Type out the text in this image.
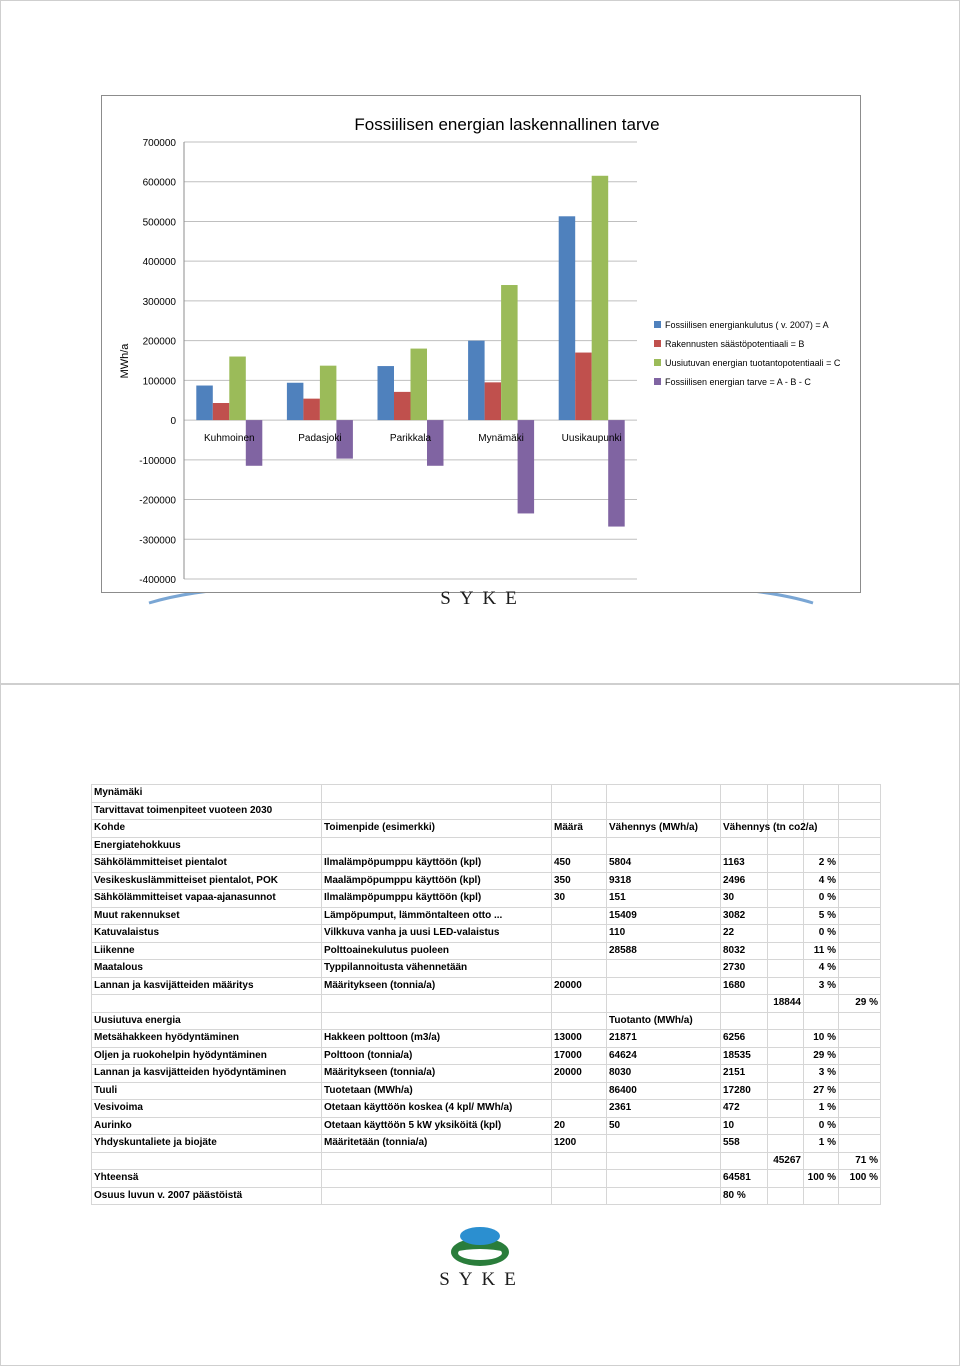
Fossiilisen energian laskennallinen tarve
MWh/a
700000
600000
500000
400000
300000
200000
100000
0
-100000
-200000
-300000
-400000
Kuhmoinen	Padasjoki	Parikkala	Mynämäki	Uusikaupunki
Fossiilisen energiankulutus ( v. 2007) = A
Rakennusten säästöpotentiaali = B
Uusiutuvan energian tuotantopotentiaali = C
Fossiilisen energian tarve = A - B - C
SYKE
Mynämäki							
Tarvittavat toimenpiteet vuoteen 2030							
Kohde	Toimenpide (esimerkki)	Määrä	Vähennys (MWh/a)	Vähennys (tn co2/a)			
Energiatehokkuus							
Sähkölämmitteiset pientalot	Ilmalämpöpumppu käyttöön (kpl)	450	5804	1163		2 %	
Vesikeskuslämmitteiset pientalot, POK	Maalämpöpumppu käyttöön (kpl)	350	9318	2496		4 %	
Sähkölämmitteiset vapaa-ajanasunnot	Ilmalämpöpumppu käyttöön (kpl)	30	151	30		0 %	
Muut rakennukset	Lämpöpumput, lämmöntalteen otto ...		15409	3082		5 %	
Katuvalaistus	Vilkkuva vanha ja uusi LED-valaistus		110	22		0 %	
Liikenne	Polttoainekulutus puoleen		28588	8032		11 %	
Maatalous	Typpilannoitusta vähennetään			2730		4 %	
Lannan ja kasvijätteiden määritys	Määritykseen (tonnia/a)	20000		1680		3 %	
					18844		29 %
Uusiutuva energia			Tuotanto (MWh/a)				
Metsähakkeen hyödyntäminen	Hakkeen polttoon (m3/a)	13000	21871	6256		10 %	
Oljen ja ruokohelpin hyödyntäminen	Polttoon (tonnia/a)	17000	64624	18535		29 %	
Lannan ja kasvijätteiden hyödyntäminen	Määritykseen (tonnia/a)	20000	8030	2151		3 %	
Tuuli	Tuotetaan (MWh/a)		86400	17280		27 %	
Vesivoima	Otetaan käyttöön koskea (4 kpl/ MWh/a)		2361	472		1 %	
Aurinko	Otetaan käyttöön 5 kW yksiköitä (kpl)	20	50	10		0 %	
Yhdyskuntaliete ja biojäte	Määritetään (tonnia/a)	1200		558		1 %	
					45267		71 %
Yhteensä				64581		100 %	100 %
Osuus luvun v. 2007 päästöistä				80 %			
SYKE
